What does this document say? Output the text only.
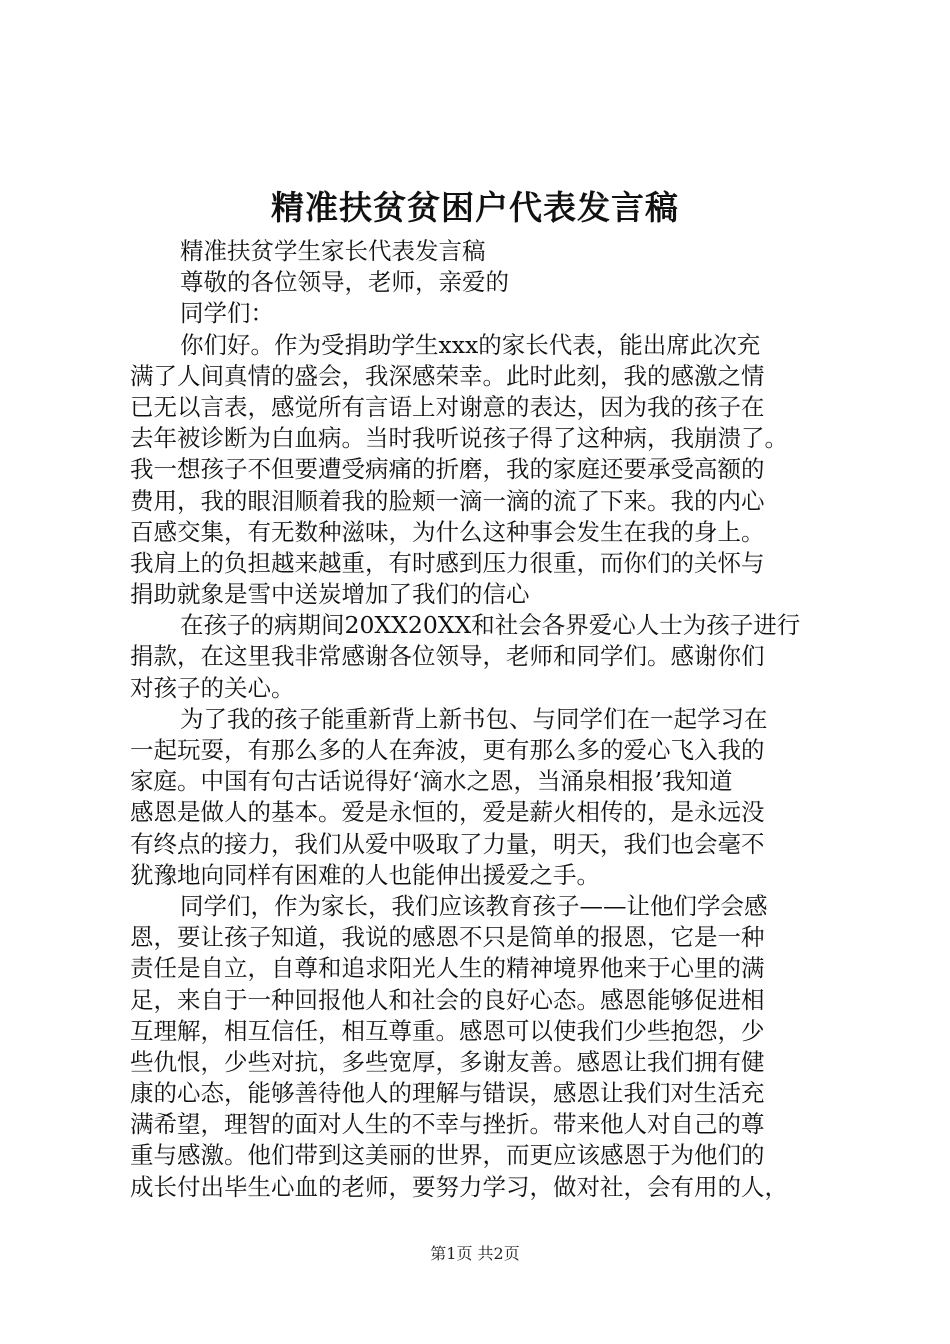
精准扶贫贫困户代表发言稿
精准扶贫学生家长代表发言稿
尊敬的各位领导，老师，亲爱的
同学们：
你们好。作为受捐助学生xxx的家长代表，能出席此次充
满了人间真情的盛会，我深感荣幸。此时此刻，我的感激之情
已无以言表，感觉所有言语上对谢意的表达，因为我的孩子在
去年被诊断为白血病。当时我听说孩子得了这种病，我崩溃了。
我一想孩子不但要遭受病痛的折磨，我的家庭还要承受高额的
费用，我的眼泪顺着我的脸颊一滴一滴的流了下来。我的内心
百感交集，有无数种滋味，为什么这种事会发生在我的身上。
我肩上的负担越来越重，有时感到压力很重，而你们的关怀与
捐助就象是雪中送炭增加了我们的信心
在孩子的病期间20XX20XX和社会各界爱心人士为孩子进行
捐款，在这里我非常感谢各位领导，老师和同学们。感谢你们
对孩子的关心。
为了我的孩子能重新背上新书包、与同学们在一起学习在
一起玩耍，有那么多的人在奔波，更有那么多的爱心飞入我的
家庭。中国有句古话说得好‘滴水之恩，当涌泉相报’我知道
感恩是做人的基本。爱是永恒的，爱是薪火相传的，是永远没
有终点的接力，我们从爱中吸取了力量，明天，我们也会毫不
犹豫地向同样有困难的人也能伸出援爱之手。
同学们，作为家长，我们应该教育孩子——让他们学会感
恩，要让孩子知道，我说的感恩不只是简单的报恩，它是一种
责任是自立，自尊和追求阳光人生的精神境界他来于心里的满
足，来自于一种回报他人和社会的良好心态。感恩能够促进相
互理解，相互信任，相互尊重。感恩可以使我们少些抱怨，少
些仇恨，少些对抗，多些宽厚，多谢友善。感恩让我们拥有健
康的心态，能够善待他人的理解与错误，感恩让我们对生活充
满希望，理智的面对人生的不幸与挫折。带来他人对自己的尊
重与感激。他们带到这美丽的世界，而更应该感恩于为他们的
成长付出毕生心血的老师，要努力学习，做对社，会有用的人，
第1页 共2页
